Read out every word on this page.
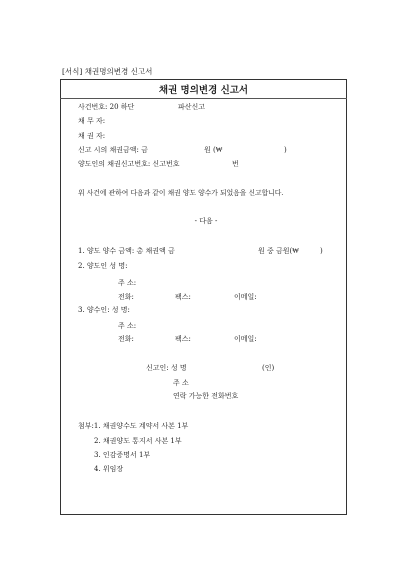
[서식] 채권명의변경 신고서
채권 명의변경 신고서
사건번호: 20 하단	파산신고
채 무 자:
채 권 자:
신고 시의 채권금액: 금	원 (₩	)
양도인의 채권신고번호: 신고번호	번
위 사건에 관하여 다음과 같이 채권 양도 양수가 되었음을 신고합니다.
- 다음 -
1. 양도 양수 금액: 총 채권액 금	원 중 금원(₩	)
2. 양도인 성 명:
주 소:
전화:	팩스:	이메일:
3. 양수인: 성 명:
주 소:
전화:	팩스:	이메일:
신고인: 성 명	(인)
주 소
연락 가능한 전화번호
첨부:1. 채권양수도 계약서 사본 1부
2. 채권양도 통지서 사본 1부
3. 인감증명서 1부
4. 위임장
